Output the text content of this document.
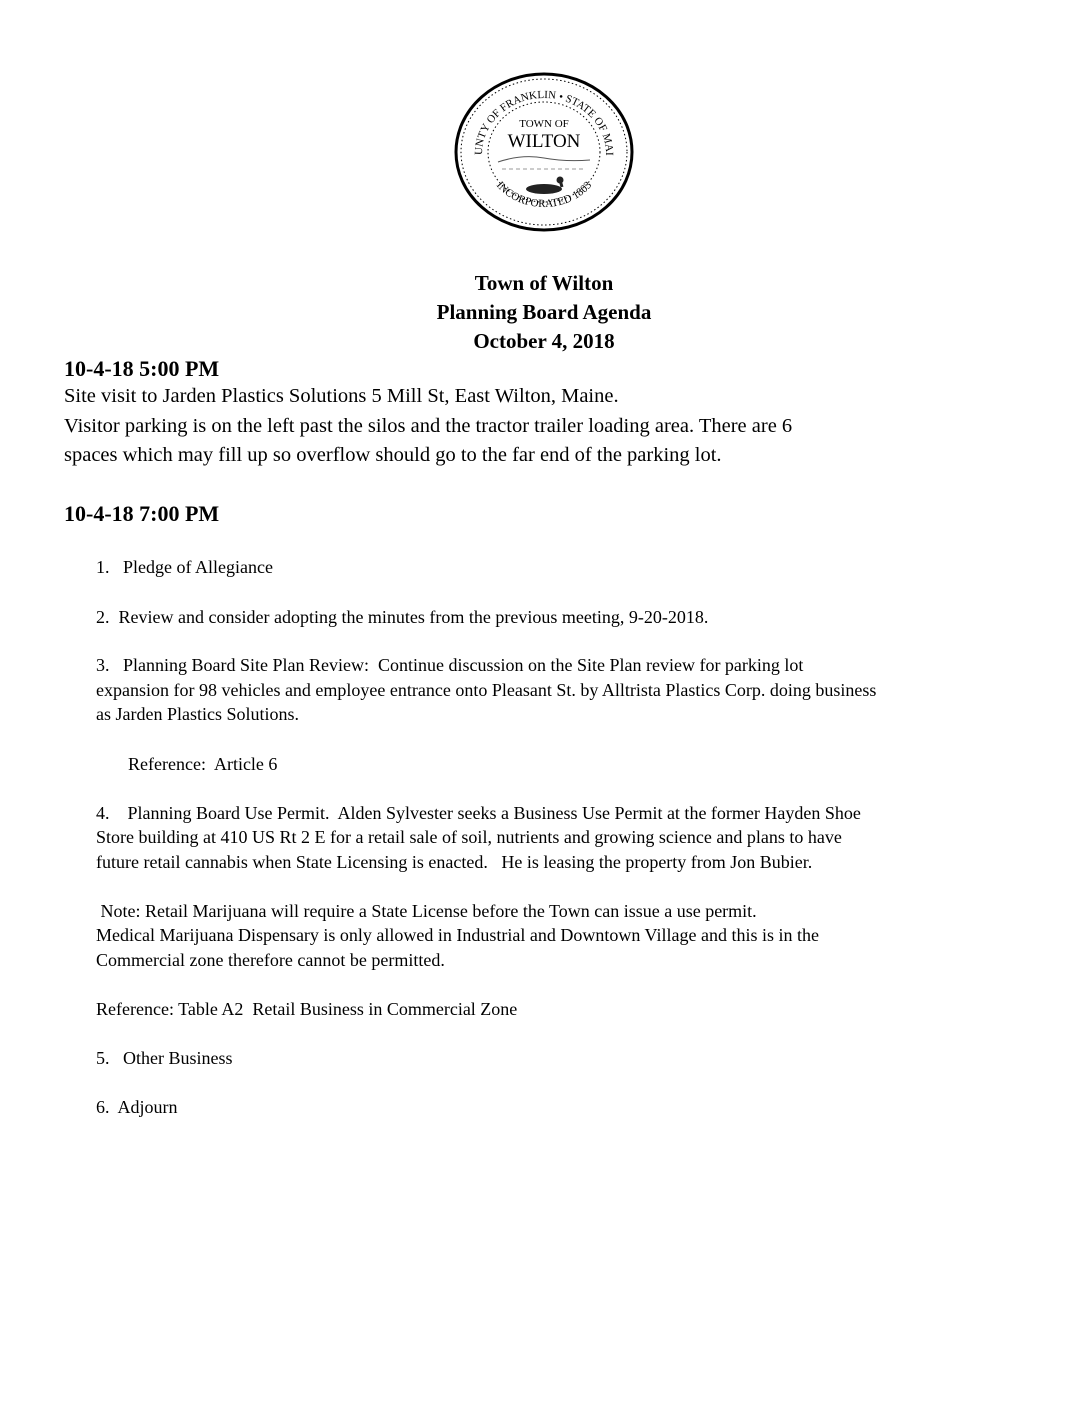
UNTY OF FRANKLIN • STATE OF MAI
INCORPORATED 1803
TOWN OF
WILTON
Town of Wilton
Planning Board Agenda
October 4, 2018
10-4-18 5:00 PM
Site visit to Jarden Plastics Solutions 5 Mill St, East Wilton, Maine.
Visitor parking is on the left past the silos and the tractor trailer loading area. There are 6
spaces which may fill up so overflow should go to the far end of the parking lot.
10-4-18 7:00 PM
1.   Pledge of Allegiance
2.  Review and consider adopting the minutes from the previous meeting, 9-20-2018.
3.   Planning Board Site Plan Review:  Continue discussion on the Site Plan review for parking lot
expansion for 98 vehicles and employee entrance onto Pleasant St. by Alltrista Plastics Corp. doing business
as Jarden Plastics Solutions.
Reference:  Article 6
4.    Planning Board Use Permit.  Alden Sylvester seeks a Business Use Permit at the former Hayden Shoe
Store building at 410 US Rt 2 E for a retail sale of soil, nutrients and growing science and plans to have
future retail cannabis when State Licensing is enacted.   He is leasing the property from Jon Bubier.
Note: Retail Marijuana will require a State License before the Town can issue a use permit.
Medical Marijuana Dispensary is only allowed in Industrial and Downtown Village and this is in the
Commercial zone therefore cannot be permitted.
Reference: Table A2  Retail Business in Commercial Zone
5.   Other Business
6.  Adjourn
